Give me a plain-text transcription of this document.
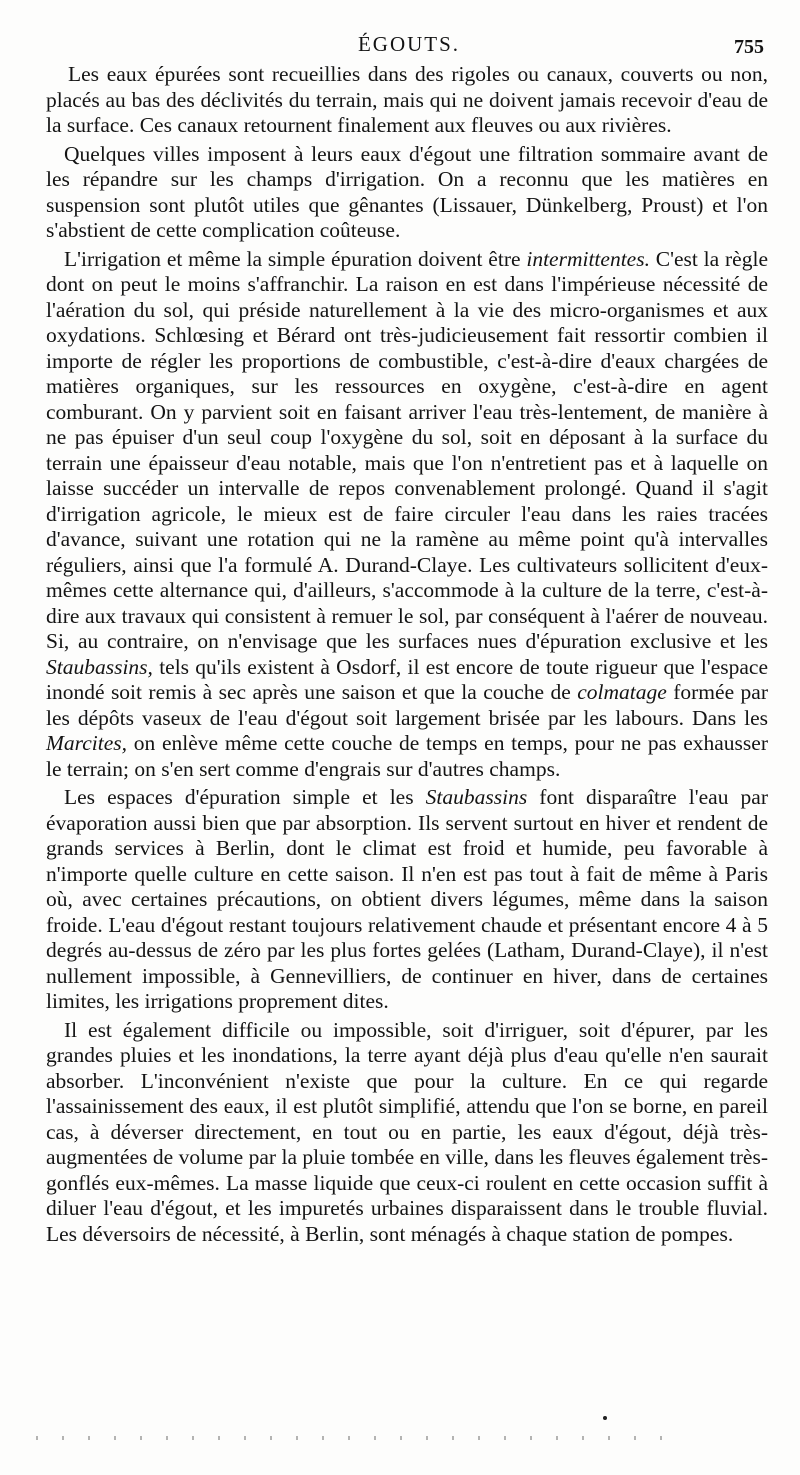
ÉGOUTS.	755

Les eaux épurées sont recueillies dans des rigoles ou canaux, couverts ou non, placés au bas des déclivités du terrain, mais qui ne doivent jamais recevoir d'eau de la surface. Ces canaux retournent finalement aux fleuves ou aux rivières.

Quelques villes imposent à leurs eaux d'égout une filtration sommaire avant de les répandre sur les champs d'irrigation. On a reconnu que les matières en suspension sont plutôt utiles que gênantes (Lissauer, Dünkelberg, Proust) et l'on s'abstient de cette complication coûteuse.

L'irrigation et même la simple épuration doivent être intermittentes. C'est la règle dont on peut le moins s'affranchir. La raison en est dans l'impérieuse nécessité de l'aération du sol, qui préside naturellement à la vie des micro-organismes et aux oxydations. Schlœsing et Bérard ont très-judicieusement fait ressortir combien il importe de régler les proportions de combustible, c'est-à-dire d'eaux chargées de matières organiques, sur les ressources en oxygène, c'est-à-dire en agent comburant. On y parvient soit en faisant arriver l'eau très-lentement, de manière à ne pas épuiser d'un seul coup l'oxygène du sol, soit en déposant à la surface du terrain une épaisseur d'eau notable, mais que l'on n'entretient pas et à laquelle on laisse succéder un intervalle de repos convenablement prolongé. Quand il s'agit d'irrigation agricole, le mieux est de faire circuler l'eau dans les raies tracées d'avance, suivant une rotation qui ne la ramène au même point qu'à intervalles réguliers, ainsi que l'a formulé A. Durand-Claye. Les cultivateurs sollicitent d'eux-mêmes cette alternance qui, d'ailleurs, s'accommode à la culture de la terre, c'est-à-dire aux travaux qui consistent à remuer le sol, par conséquent à l'aérer de nouveau. Si, au contraire, on n'envisage que les surfaces nues d'épuration exclusive et les Staubassins, tels qu'ils existent à Osdorf, il est encore de toute rigueur que l'espace inondé soit remis à sec après une saison et que la couche de colmatage formée par les dépôts vaseux de l'eau d'égout soit largement brisée par les labours. Dans les Marcites, on enlève même cette couche de temps en temps, pour ne pas exhausser le terrain; on s'en sert comme d'engrais sur d'autres champs.

Les espaces d'épuration simple et les Staubassins font disparaître l'eau par évaporation aussi bien que par absorption. Ils servent surtout en hiver et rendent de grands services à Berlin, dont le climat est froid et humide, peu favorable à n'importe quelle culture en cette saison. Il n'en est pas tout à fait de même à Paris où, avec certaines précautions, on obtient divers légumes, même dans la saison froide. L'eau d'égout restant toujours relativement chaude et présentant encore 4 à 5 degrés au-dessus de zéro par les plus fortes gelées (Latham, Durand-Claye), il n'est nullement impossible, à Gennevilliers, de continuer en hiver, dans de certaines limites, les irrigations proprement dites.

Il est également difficile ou impossible, soit d'irriguer, soit d'épurer, par les grandes pluies et les inondations, la terre ayant déjà plus d'eau qu'elle n'en saurait absorber. L'inconvénient n'existe que pour la culture. En ce qui regarde l'assainissement des eaux, il est plutôt simplifié, attendu que l'on se borne, en pareil cas, à déverser directement, en tout ou en partie, les eaux d'égout, déjà très-augmentées de volume par la pluie tombée en ville, dans les fleuves également très-gonflés eux-mêmes. La masse liquide que ceux-ci roulent en cette occasion suffit à diluer l'eau d'égout, et les impuretés urbaines disparaissent dans le trouble fluvial. Les déversoirs de nécessité, à Berlin, sont ménagés à chaque station de pompes.
